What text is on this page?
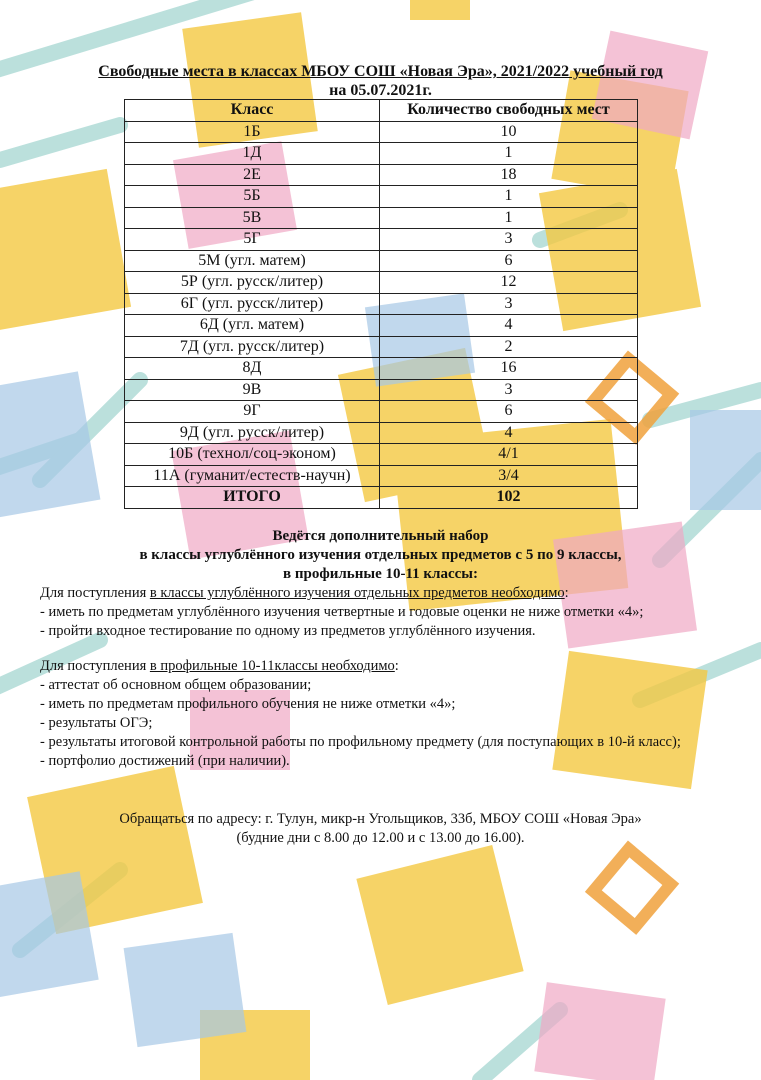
Свободные места в классах МБОУ СОШ «Новая Эра», 2021/2022 учебный год
на 05.07.2021г.
Класс	Количество свободных мест
1Б	10
1Д	1
2Е	18
5Б	1
5В	1
5Г	3
5М (угл. матем)	6
5Р (угл. русск/литер)	12
6Г (угл. русск/литер)	3
6Д (угл. матем)	4
7Д (угл. русск/литер)	2
8Д	16
9В	3
9Г	6
9Д (угл. русск/литер)	4
10Б (технол/соц-эконом)	4/1
11А (гуманит/естеств-научн)	3/4
ИТОГО	102
Ведётся дополнительный набор
в классы углублённого изучения отдельных предметов с 5 по 9 классы,
в профильные 10-11 классы:
Для поступления в классы углублённого изучения отдельных предметов необходимо:
- иметь по предметам углублённого изучения четвертные и годовые оценки не ниже отметки «4»;
- пройти входное тестирование по одному из предметов углублённого изучения.
Для поступления в профильные 10-11классы необходимо:
- аттестат об основном общем образовании;
- иметь по предметам профильного обучения не ниже отметки «4»;
- результаты ОГЭ;
- результаты итоговой контрольной работы по профильному предмету (для поступающих в 10-й класс);
- портфолио достижений (при наличии).
Обращаться по адресу: г. Тулун, микр-н Угольщиков, 33б, МБОУ СОШ «Новая Эра»
(будние дни с 8.00 до 12.00 и с 13.00 до 16.00).
